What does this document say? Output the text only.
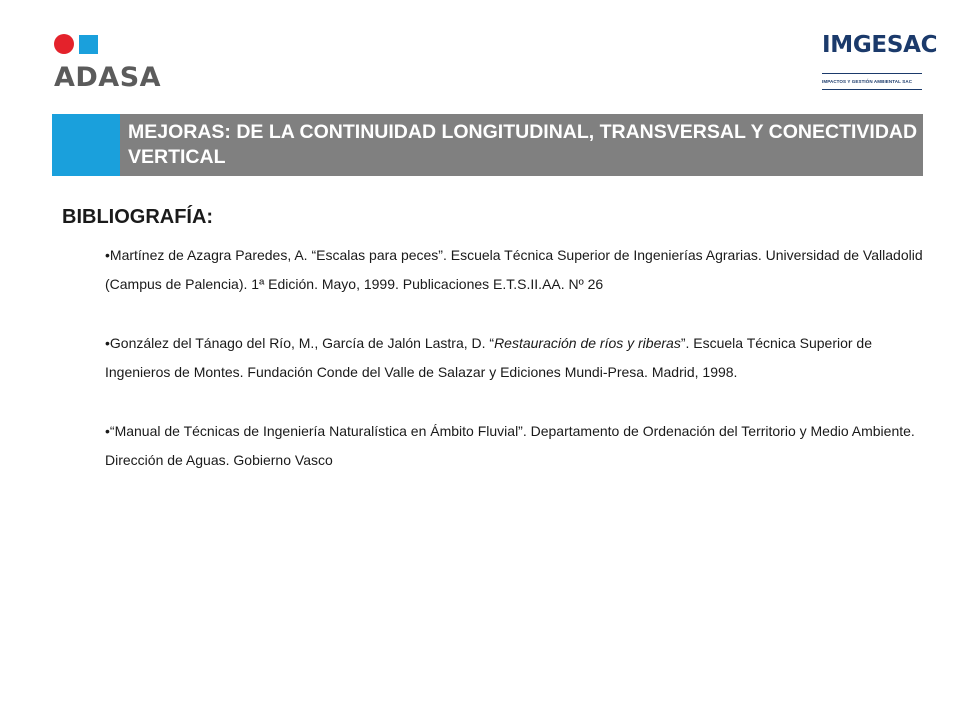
ADASA
IMGESAC
IMPACTOS Y GESTIÓN AMBIENTAL SAC
MEJORAS: DE LA CONTINUIDAD LONGITUDINAL, TRANSVERSAL Y CONECTIVIDAD VERTICAL
BIBLIOGRAFÍA:

•Martínez de Azagra Paredes, A. “Escalas para peces”. Escuela Técnica Superior de Ingenierías Agrarias. Universidad de Valladolid (Campus de Palencia). 1ª Edición. Mayo, 1999. Publicaciones E.T.S.II.AA. Nº 26

•González del Tánago del Río, M., García de Jalón Lastra, D. “Restauración de ríos y riberas”. Escuela Técnica Superior de Ingenieros de Montes. Fundación Conde del Valle de Salazar y Ediciones Mundi-Presa. Madrid, 1998.

•“Manual de Técnicas de Ingeniería Naturalística en Ámbito Fluvial”. Departamento de Ordenación del Territorio y Medio Ambiente. Dirección de Aguas. Gobierno Vasco
